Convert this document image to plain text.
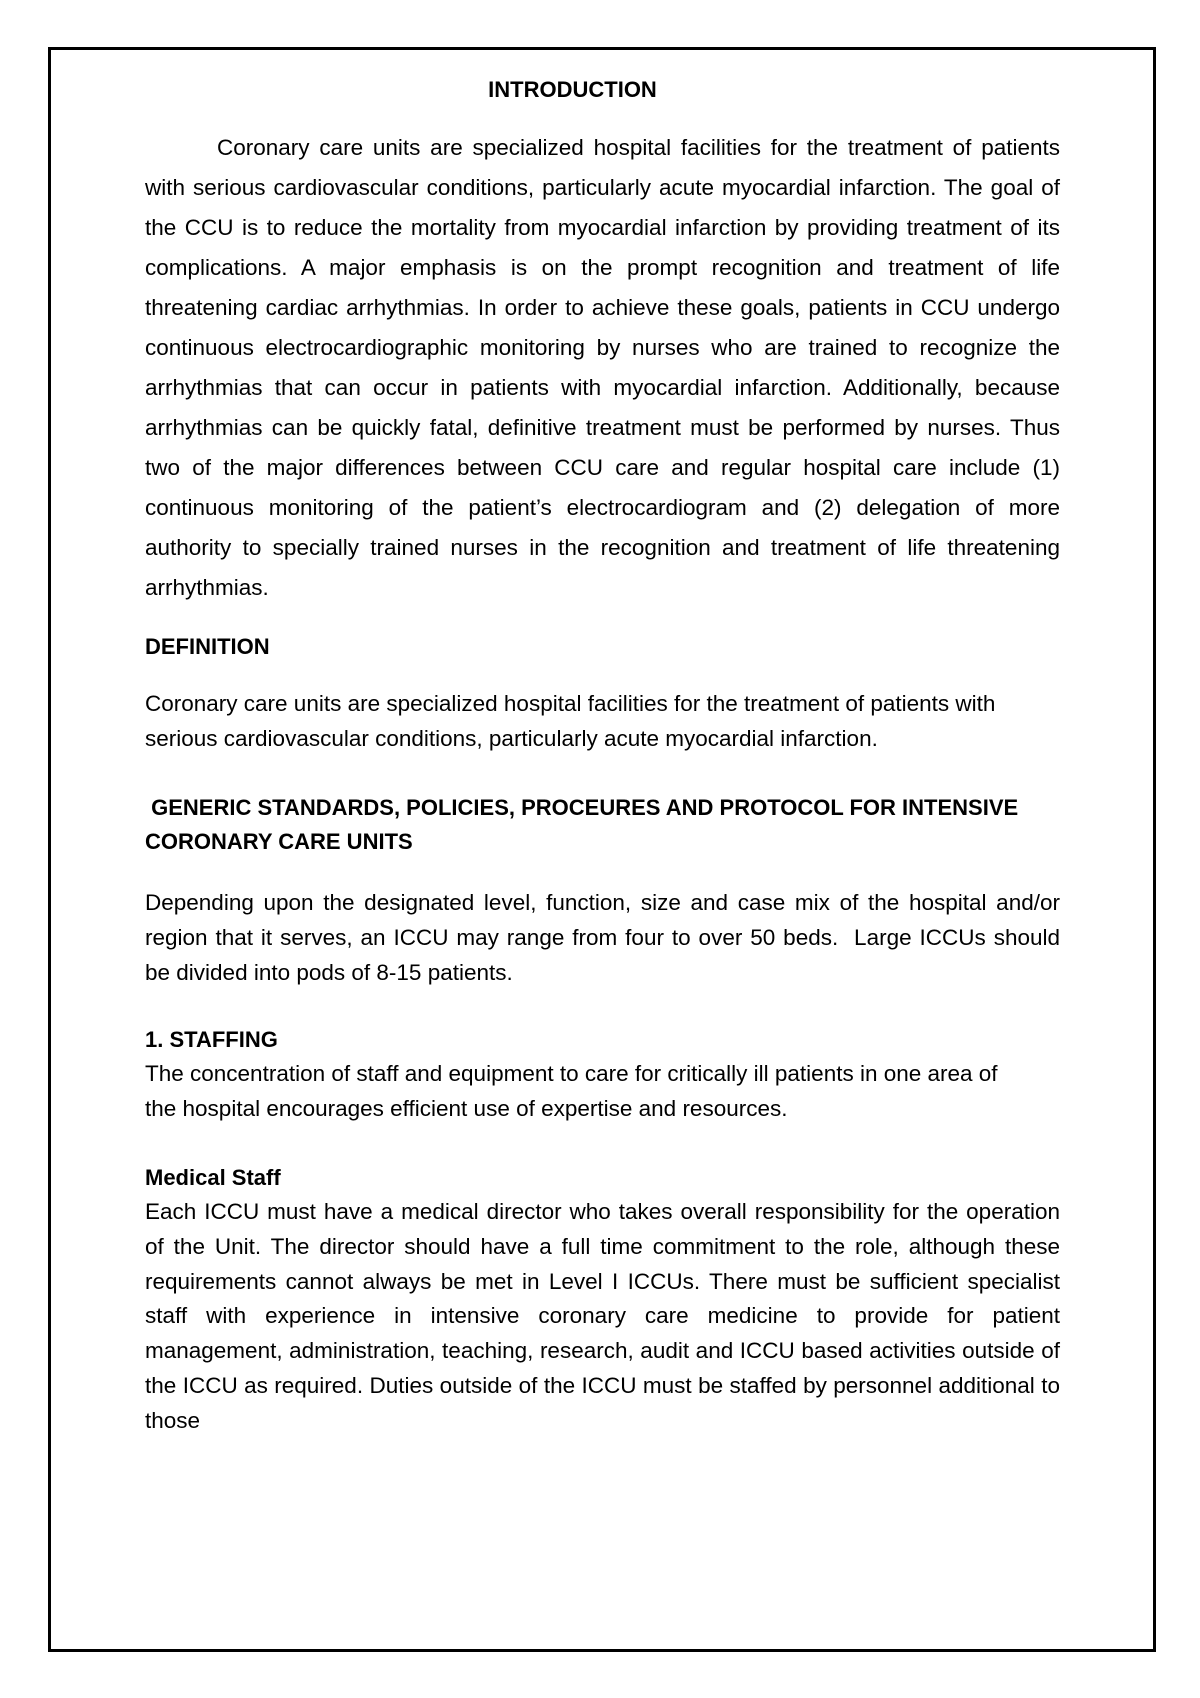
INTRODUCTION

Coronary care units are specialized hospital facilities for the treatment of patients with serious cardiovascular conditions, particularly acute myocardial infarction. The goal of the CCU is to reduce the mortality from myocardial infarction by providing treatment of its complications. A major emphasis is on the prompt recognition and treatment of life threatening cardiac arrhythmias. In order to achieve these goals, patients in CCU undergo continuous electrocardiographic monitoring by nurses who are trained to recognize the arrhythmias that can occur in patients with myocardial infarction. Additionally, because arrhythmias can be quickly fatal, definitive treatment must be performed by nurses. Thus two of the major differences between CCU care and regular hospital care include (1) continuous monitoring of the patient’s electrocardiogram and (2) delegation of more authority to specially trained nurses in the recognition and treatment of life threatening arrhythmias.

DEFINITION

Coronary care units are specialized hospital facilities for the treatment of patients with serious cardiovascular conditions, particularly acute myocardial infarction.

GENERIC STANDARDS, POLICIES, PROCEURES AND PROTOCOL FOR INTENSIVE CORONARY CARE UNITS

Depending upon the designated level, function, size and case mix of the hospital and/or region that it serves, an ICCU may range from four to over 50 beds.  Large ICCUs should be divided into pods of 8-15 patients.

1. STAFFING

The concentration of staff and equipment to care for critically ill patients in one area of the hospital encourages efficient use of expertise and resources.

Medical Staff

Each ICCU must have a medical director who takes overall responsibility for the operation of the Unit. The director should have a full time commitment to the role, although these requirements cannot always be met in Level I ICCUs. There must be sufficient specialist staff with experience in intensive coronary care medicine to provide for patient management, administration, teaching, research, audit and ICCU based activities outside of the ICCU as required. Duties outside of the ICCU must be staffed by personnel additional to those
